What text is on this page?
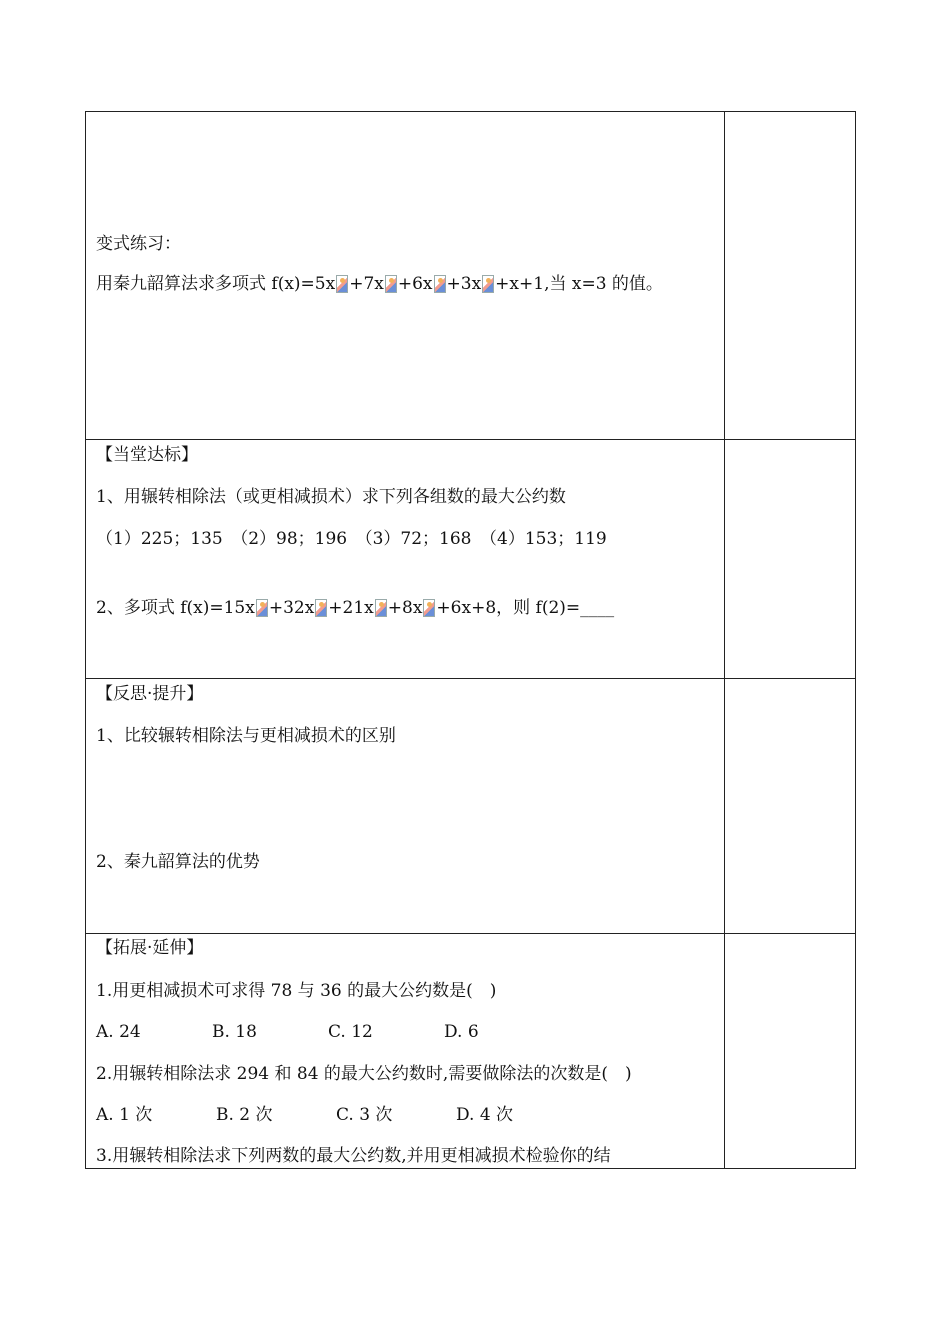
变式练习：
用秦九韶算法求多项式 f(x)=5x +7x +6x +3x +x+1,当 x=3 的值。
【当堂达标】
1、用辗转相除法（或更相减损术）求下列各组数的最大公约数
（1）225；135　（2）98；196　（3）72；168　（4）153；119
2、多项式 f(x)=15x +32x +21x +8x +6x+8，则 f(2)=____
【反思·提升】
1、比较辗转相除法与更相减损术的区别
2、秦九韶算法的优势
【拓展·延伸】
1.用更相减损术可求得 78 与 36 的最大公约数是(　)
A. 24	B. 18	C. 12	D. 6
2.用辗转相除法求 294 和 84 的最大公约数时,需要做除法的次数是(　)
A. 1 次	B. 2 次	C. 3 次	D. 4 次
3.用辗转相除法求下列两数的最大公约数,并用更相减损术检验你的结
